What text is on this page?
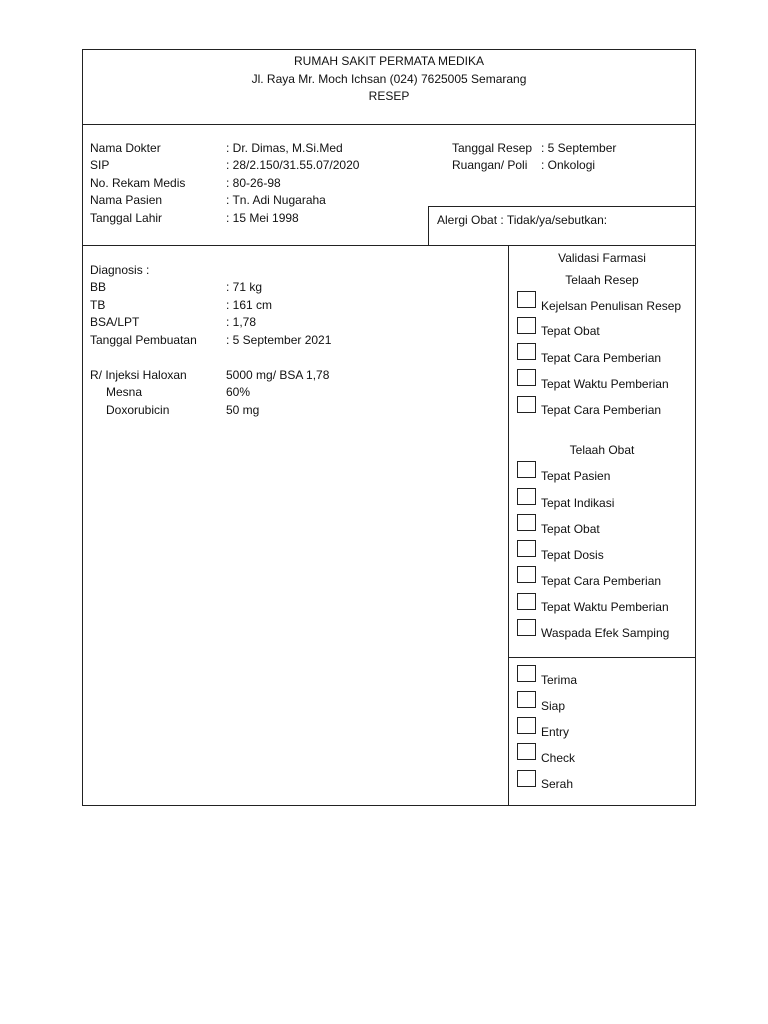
RUMAH SAKIT PERMATA MEDIKA
Jl. Raya Mr. Moch Ichsan (024) 7625005 Semarang
RESEP
Nama Dokter	: Dr. Dimas, M.Si.Med
SIP	: 28/2.150/31.55.07/2020
No. Rekam Medis	: 80-26-98
Nama Pasien	: Tn. Adi Nugaraha
Tanggal Lahir	: 15 Mei 1998
Tanggal Resep : 5 September
Ruangan/ Poli : Onkologi
Alergi Obat : Tidak/ya/sebutkan:
Diagnosis :
BB	: 71 kg
TB	: 161 cm
BSA/LPT	: 1,78
Tanggal Pembuatan : 5 September 2021
R/ Injeksi Haloxan	5000 mg/ BSA 1,78
Mesna	60%
Doxorubicin	50 mg
Validasi Farmasi
Telaah Resep
Kejelsan Penulisan Resep
Tepat Obat
Tepat Cara Pemberian
Tepat Waktu Pemberian
Tepat Cara Pemberian
Telaah Obat
Tepat Pasien
Tepat Indikasi
Tepat Obat
Tepat Dosis
Tepat Cara Pemberian
Tepat Waktu Pemberian
Waspada Efek Samping
Terima
Siap
Entry
Check
Serah
